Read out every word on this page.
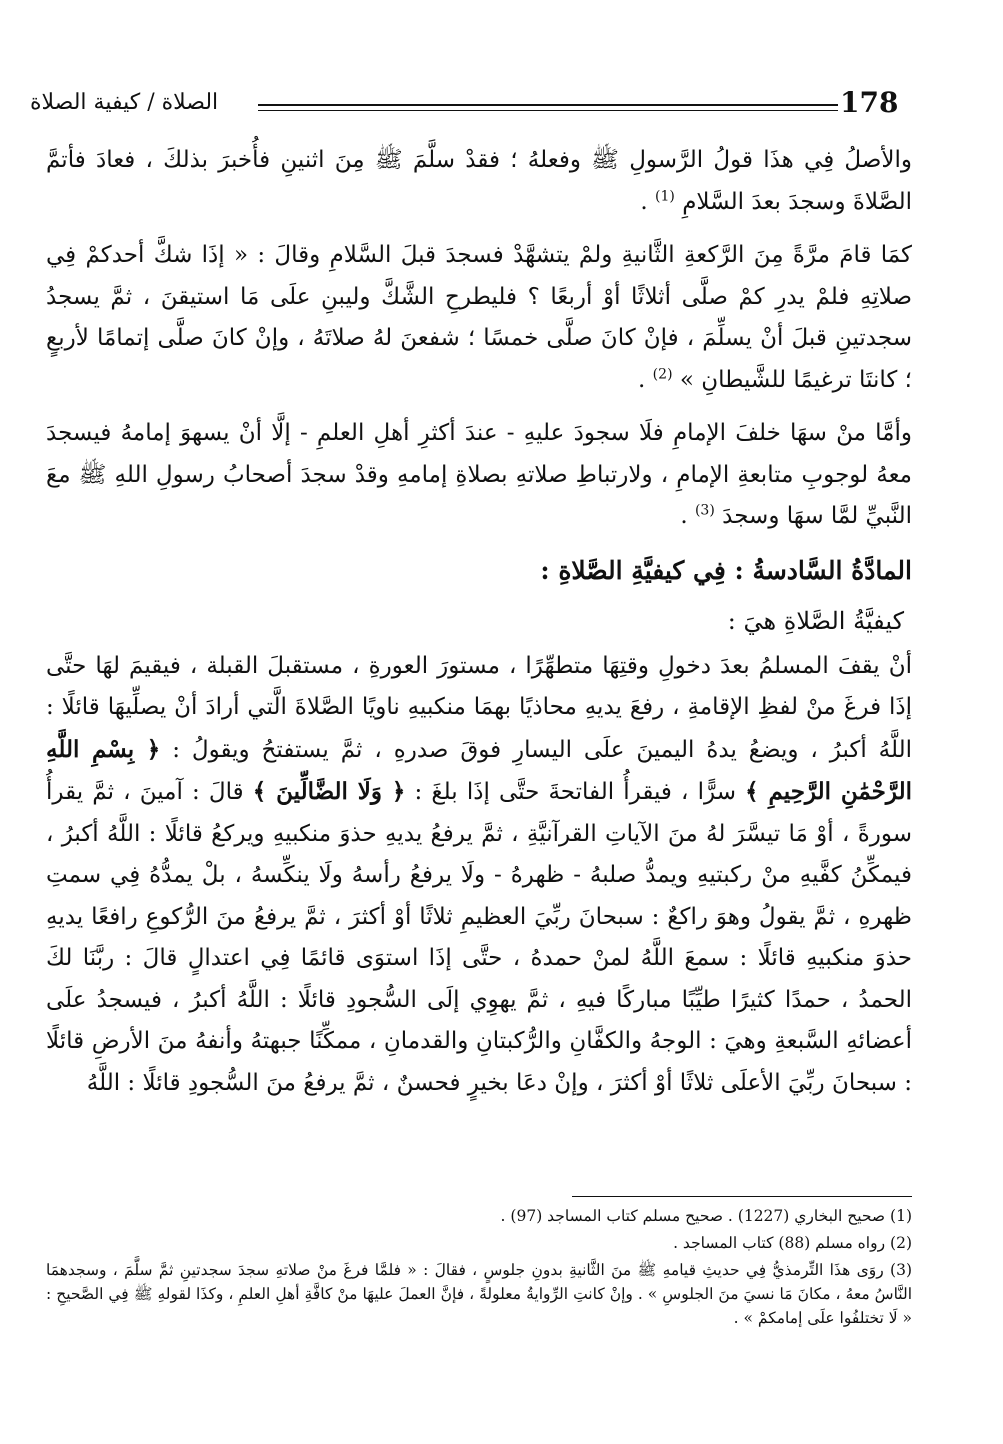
178
الصلاة / كيفية الصلاة

والأصلُ فِي هذَا قولُ الرَّسولِ ﷺ وفعلهُ ؛ فقدْ سلَّمَ ﷺ مِنَ اثنينِ فأُخبرَ بذلكَ ، فعادَ فأتمَّ الصَّلاةَ وسجدَ بعدَ السَّلامِ $^{(1)}$ .

كمَا قامَ مرَّةً مِنَ الرَّكعةِ الثَّانيةِ ولمْ يتشهَّدْ فسجدَ قبلَ السَّلامِ وقالَ : « إذَا شكَّ أحدكمْ فِي صلاتِهِ فلمْ يدرِ كمْ صلَّى أثلاثًا أوْ أربعًا ؟ فليطرحِ الشَّكَّ وليبنِ علَى مَا استيقنَ ، ثمَّ يسجدُ سجدتينِ قبلَ أنْ يسلِّمَ ، فإنْ كانَ صلَّى خمسًا ؛ شفعنَ لهُ صلاتَهُ ، وإنْ كانَ صلَّى إتمامًا لأربعٍ ؛ كانتَا ترغيمًا للشَّيطانِ » $^{(2)}$ .

وأمَّا منْ سهَا خلفَ الإمامِ فلَا سجودَ عليهِ - عندَ أكثرِ أهلِ العلمِ - إلَّا أنْ يسهوَ إمامهُ فيسجدَ معهُ لوجوبِ متابعةِ الإمامِ ، ولارتباطِ صلاتهِ بصلاةِ إمامهِ وقدْ سجدَ أصحابُ رسولِ اللهِ ﷺ معَ النَّبيِّ لمَّا سهَا وسجدَ $^{(3)}$ .

المادَّةُ السَّادسةُ : فِي كيفيَّةِ الصَّلاةِ :
كيفيَّةُ الصَّلاةِ هيَ :

أنْ يقفَ المسلمُ بعدَ دخولِ وقتِهَا متطهِّرًا ، مستورَ العورةِ ، مستقبلَ القبلة ، فيقيمَ لهَا حتَّى إذَا فرغَ منْ لفظِ الإقامةِ ، رفعَ يديهِ محاذيًا بهمَا منكبيهِ ناويًا الصَّلاةَ الَّتي أرادَ أنْ يصلِّيهَا قائلًا : اللَّهُ أكبرُ ، ويضعُ يدهُ اليمينَ علَى اليسارِ فوقَ صدرهِ ، ثمَّ يستفتحُ ويقولُ : ﴿ بِسْمِ اللَّهِ الرَّحْمَٰنِ الرَّحِيمِ ﴾ سرًّا ، فيقرأُ الفاتحةَ حتَّى إذَا بلغَ : ﴿ وَلَا الضَّالِّينَ ﴾ قالَ : آمينَ ، ثمَّ يقرأُ سورةً ، أوْ مَا تيسَّرَ لهُ منَ الآياتِ القرآنيَّةِ ، ثمَّ يرفعُ يديهِ حذوَ منكبيهِ ويركعُ قائلًا : اللَّهُ أكبرُ ، فيمكِّنُ كفَّيهِ منْ ركبتيهِ ويمدُّ صلبهُ - ظهرهُ - ولَا يرفعُ رأسهُ ولَا ينكِّسهُ ، بلْ يمدُّهُ فِي سمتِ ظهرهِ ، ثمَّ يقولُ وهوَ راكعٌ : سبحانَ ربِّيَ العظيمِ ثلاثًا أوْ أكثرَ ، ثمَّ يرفعُ منَ الرُّكوعِ رافعًا يديهِ حذوَ منكبيهِ قائلًا : سمعَ اللَّهُ لمنْ حمدهُ ، حتَّى إذَا استوَى قائمًا فِي اعتدالٍ قالَ : ربَّنَا لكَ الحمدُ ، حمدًا كثيرًا طيِّبًا مباركًا فيهِ ، ثمَّ يهوِي إلَى السُّجودِ قائلًا : اللَّهُ أكبرُ ، فيسجدُ علَى أعضائهِ السَّبعةِ وهيَ : الوجهُ والكفَّانِ والرُّكبتانِ والقدمانِ ، ممكِّنًا جبهتهُ وأنفهُ منَ الأرضِ قائلًا : سبحانَ ربِّيَ الأعلَى ثلاثًا أوْ أكثرَ ، وإنْ دعَا بخيرٍ فحسنٌ ، ثمَّ يرفعُ منَ السُّجودِ قائلًا : اللَّهُ

(1) صحيح البخاري (1227) . صحيح مسلم كتاب المساجد (97) .

(2) رواه مسلم (88) كتاب المساجد .

(3) روَى هذَا التِّرمذيُّ فِي حديثِ قيامهِ ﷺ منَ الثَّانيةِ بدونِ جلوسٍ ، فقالَ : « فلمَّا فرغَ منْ صلاتهِ سجدَ سجدتينِ ثمَّ سلَّمَ ، وسجدهمَا النَّاسُ معهُ ، مكانَ مَا نسيَ منَ الجلوسِ » . وإنْ كانتِ الرِّوايةُ معلولةً ، فإنَّ العملَ عليهَا منْ كافَّةِ أهلِ العلمِ ، وكذَا لقولهِ ﷺ فِي الصَّحيحِ : « لَا تختلفُوا علَى إمامكمْ » .
